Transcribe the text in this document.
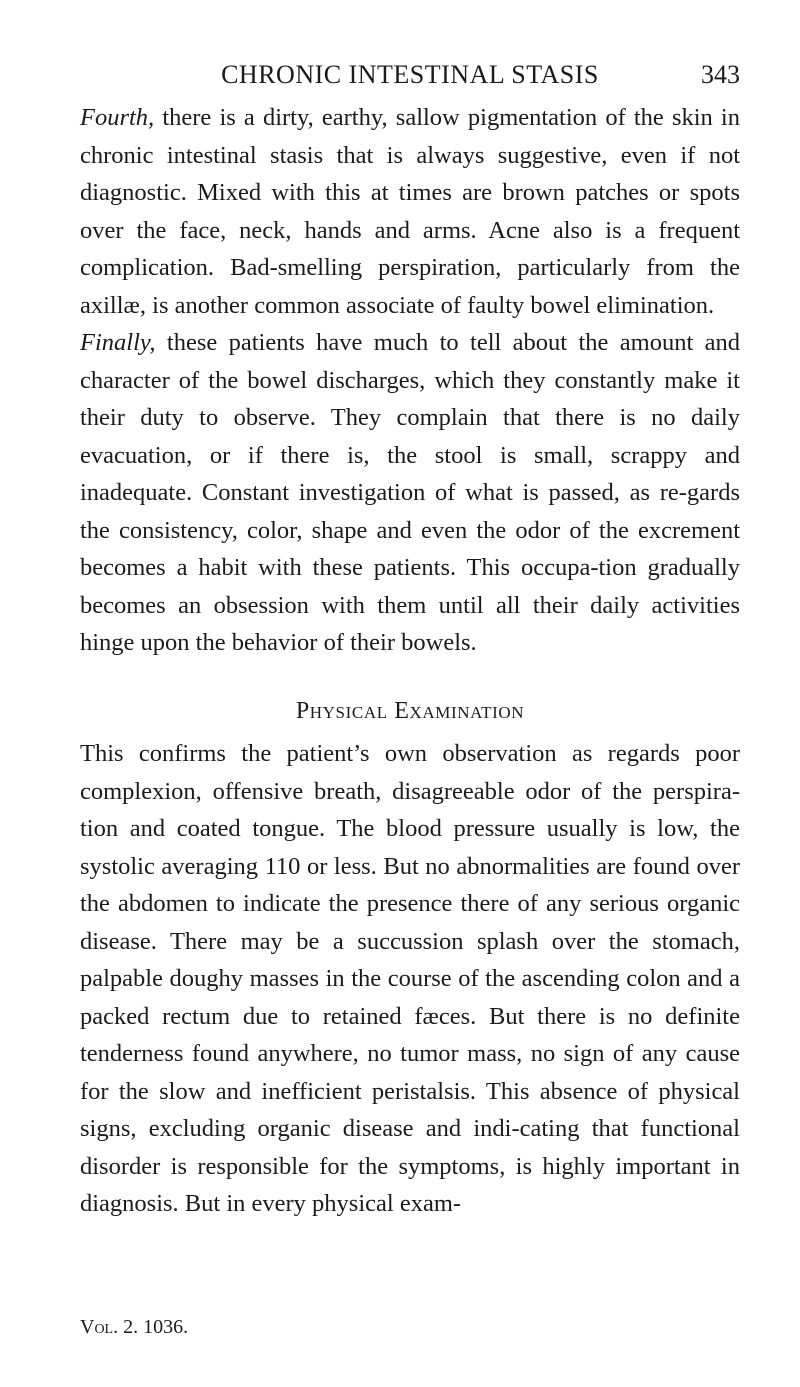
CHRONIC INTESTINAL STASIS	343

Fourth, there is a dirty, earthy, sallow pigmentation of the skin in chronic intestinal stasis that is always suggestive, even if not diagnostic. Mixed with this at times are brown patches or spots over the face, neck, hands and arms. Acne also is a frequent complication. Bad-smelling perspiration, particularly from the axillæ, is another common associate of faulty bowel elimination.

Finally, these patients have much to tell about the amount and character of the bowel discharges, which they constantly make it their duty to observe. They complain that there is no daily evacuation, or if there is, the stool is small, scrappy and inadequate. Constant investigation of what is passed, as re-gards the consistency, color, shape and even the odor of the excrement becomes a habit with these patients. This occupa-tion gradually becomes an obsession with them until all their daily activities hinge upon the behavior of their bowels.

Physical Examination

This confirms the patient’s own observation as regards poor complexion, offensive breath, disagreeable odor of the perspira-tion and coated tongue. The blood pressure usually is low, the systolic averaging 110 or less. But no abnormalities are found over the abdomen to indicate the presence there of any serious organic disease. There may be a succussion splash over the stomach, palpable doughy masses in the course of the ascending colon and a packed rectum due to retained fæces. But there is no definite tenderness found anywhere, no tumor mass, no sign of any cause for the slow and inefficient peristalsis. This absence of physical signs, excluding organic disease and indi-cating that functional disorder is responsible for the symptoms, is highly important in diagnosis. But in every physical exam-

Vol. 2. 1036.
